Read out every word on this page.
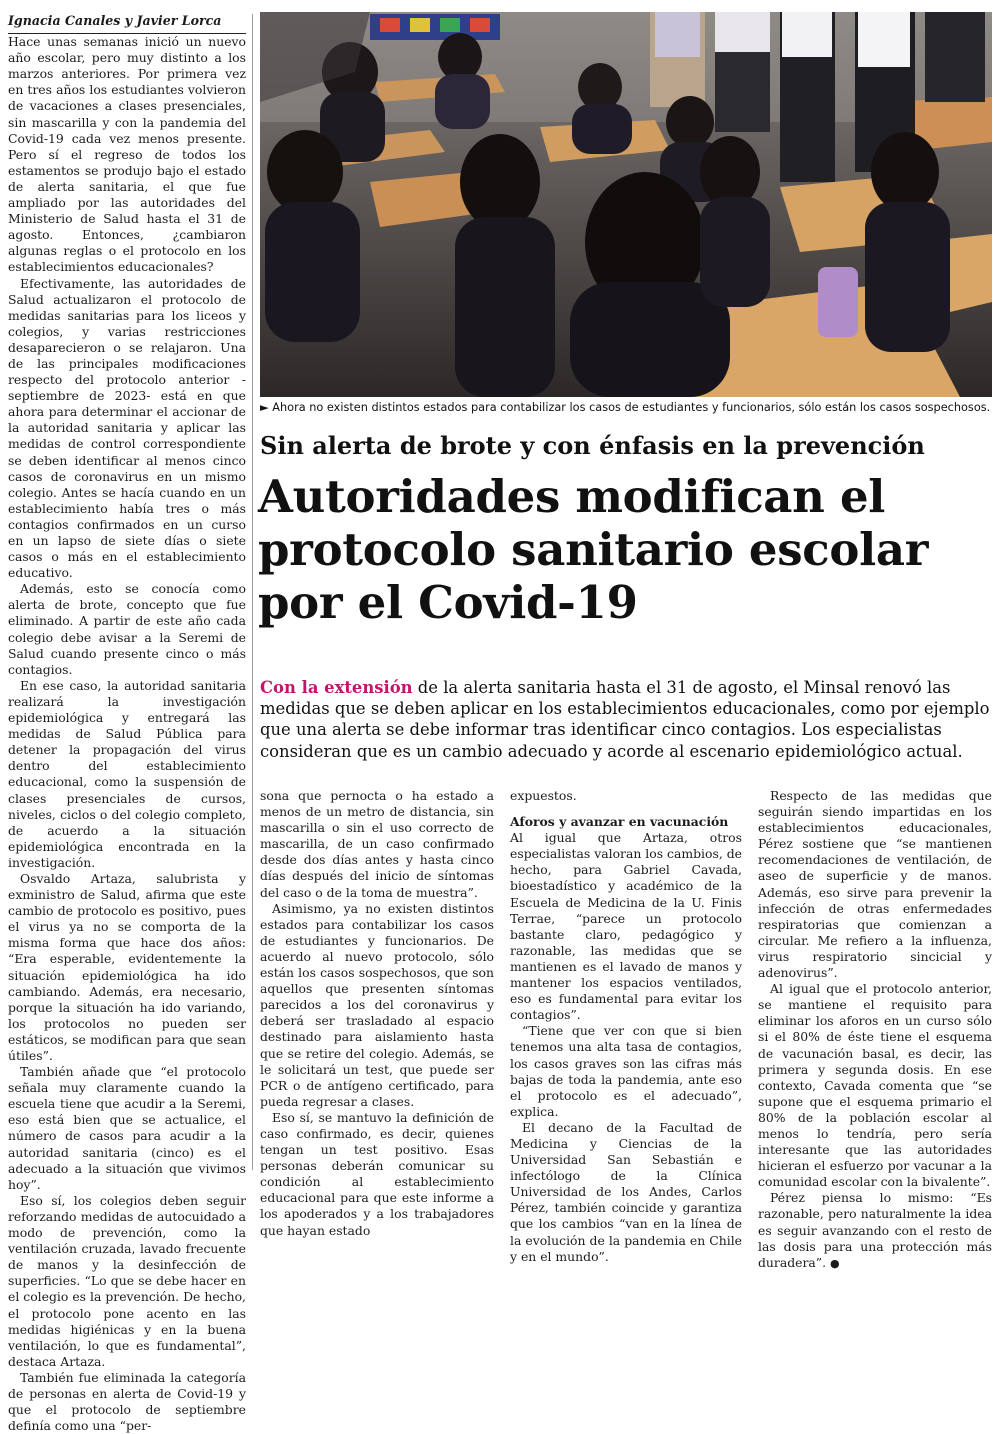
Ignacia Canales y Javier Lorca

Hace unas semanas inició un nuevo año escolar, pero muy distinto a los marzos anteriores. Por primera vez en tres años los estudiantes volvieron de vacaciones a clases presenciales, sin mascarilla y con la pandemia del Covid-19 cada vez menos presente. Pero sí el regreso de todos los estamentos se produjo bajo el estado de alerta sanitaria, el que fue ampliado por las autoridades del Ministerio de Salud hasta el 31 de agosto. Entonces, ¿cambiaron algunas reglas o el protocolo en los establecimientos educacionales?

Efectivamente, las autoridades de Salud actualizaron el protocolo de medidas sanitarias para los liceos y colegios, y varias restricciones desaparecieron o se relajaron. Una de las principales modificaciones respecto del protocolo anterior -septiembre de 2023- está en que ahora para determinar el accionar de la autoridad sanitaria y aplicar las medidas de control correspondiente se deben identificar al menos cinco casos de coronavirus en un mismo colegio. Antes se hacía cuando en un establecimiento había tres o más contagios confirmados en un curso en un lapso de siete días o siete casos o más en el establecimiento educativo.

Además, esto se conocía como alerta de brote, concepto que fue eliminado. A partir de este año cada colegio debe avisar a la Seremi de Salud cuando presente cinco o más contagios.

En ese caso, la autoridad sanitaria realizará la investigación epidemiológica y entregará las medidas de Salud Pública para detener la propagación del virus dentro del establecimiento educacional, como la suspensión de clases presenciales de cursos, niveles, ciclos o del colegio completo, de acuerdo a la situación epidemiológica encontrada en la investigación.

Osvaldo Artaza, salubrista y exministro de Salud, afirma que este cambio de protocolo es positivo, pues el virus ya no se comporta de la misma forma que hace dos años: “Era esperable, evidentemente la situación epidemiológica ha ido cambiando. Además, era necesario, porque la situación ha ido variando, los protocolos no pueden ser estáticos, se modifican para que sean útiles”.

También añade que “el protocolo señala muy claramente cuando la escuela tiene que acudir a la Seremi, eso está bien que se actualice, el número de casos para acudir a la autoridad sanitaria (cinco) es el adecuado a la situación que vivimos hoy”.

Eso sí, los colegios deben seguir reforzando medidas de autocuidado a modo de prevención, como la ventilación cruzada, lavado frecuente de manos y la desinfección de superficies. “Lo que se debe hacer en el colegio es la prevención. De hecho, el protocolo pone acento en las medidas higiénicas y en la buena ventilación, lo que es fundamental”, destaca Artaza.

También fue eliminada la categoría de personas en alerta de Covid-19 y que el protocolo de septiembre definía como una “per-

► Ahora no existen distintos estados para contabilizar los casos de estudiantes y funcionarios, sólo están los casos sospechosos.
Sin alerta de brote y con énfasis en la prevención
Autoridades modifican el protocolo sanitario escolar por el Covid-19
Con la extensión de la alerta sanitaria hasta el 31 de agosto, el Minsal renovó las medidas que se deben aplicar en los establecimientos educacionales, como por ejemplo que una alerta se debe informar tras identificar cinco contagios. Los especialistas consideran que es un cambio adecuado y acorde al escenario epidemiológico actual.

sona que pernocta o ha estado a menos de un metro de distancia, sin mascarilla o sin el uso correcto de mascarilla, de un caso confirmado desde dos días antes y hasta cinco días después del inicio de síntomas del caso o de la toma de muestra”.

Asimismo, ya no existen distintos estados para contabilizar los casos de estudiantes y funcionarios. De acuerdo al nuevo protocolo, sólo están los casos sospechosos, que son aquellos que presenten síntomas parecidos a los del coronavirus y deberá ser trasladado al espacio destinado para aislamiento hasta que se retire del colegio. Además, se le solicitará un test, que puede ser PCR o de antígeno certificado, para pueda regresar a clases.

Eso sí, se mantuvo la definición de caso confirmado, es decir, quienes tengan un test positivo. Esas personas deberán comunicar su condición al establecimiento educacional para que este informe a los apoderados y a los trabajadores que hayan estado

expuestos.

Aforos y avanzar en vacunación

Al igual que Artaza, otros especialistas valoran los cambios, de hecho, para Gabriel Cavada, bioestadístico y académico de la Escuela de Medicina de la U. Finis Terrae, “parece un protocolo bastante claro, pedagógico y razonable, las medidas que se mantienen es el lavado de manos y mantener los espacios ventilados, eso es fundamental para evitar los contagios”.

“Tiene que ver con que si bien tenemos una alta tasa de contagios, los casos graves son las cifras más bajas de toda la pandemia, ante eso el protocolo es el adecuado”, explica.

El decano de la Facultad de Medicina y Ciencias de la Universidad San Sebastián e infectólogo de la Clínica Universidad de los Andes, Carlos Pérez, también coincide y garantiza que los cambios “van en la línea de la evolución de la pandemia en Chile y en el mundo”.

Respecto de las medidas que seguirán siendo impartidas en los establecimientos educacionales, Pérez sostiene que “se mantienen recomendaciones de ventilación, de aseo de superficie y de manos. Además, eso sirve para prevenir la infección de otras enfermedades respiratorias que comienzan a circular. Me refiero a la influenza, virus respiratorio sincicial y adenovirus”.

Al igual que el protocolo anterior, se mantiene el requisito para eliminar los aforos en un curso sólo si el 80% de éste tiene el esquema de vacunación basal, es decir, las primera y segunda dosis. En ese contexto, Cavada comenta que “se supone que el esquema primario el 80% de la población escolar al menos lo tendría, pero sería interesante que las autoridades hicieran el esfuerzo por vacunar a la comunidad escolar con la bivalente”.

Pérez piensa lo mismo: “Es razonable, pero naturalmente la idea es seguir avanzando con el resto de las dosis para una protección más duradera”. ●
